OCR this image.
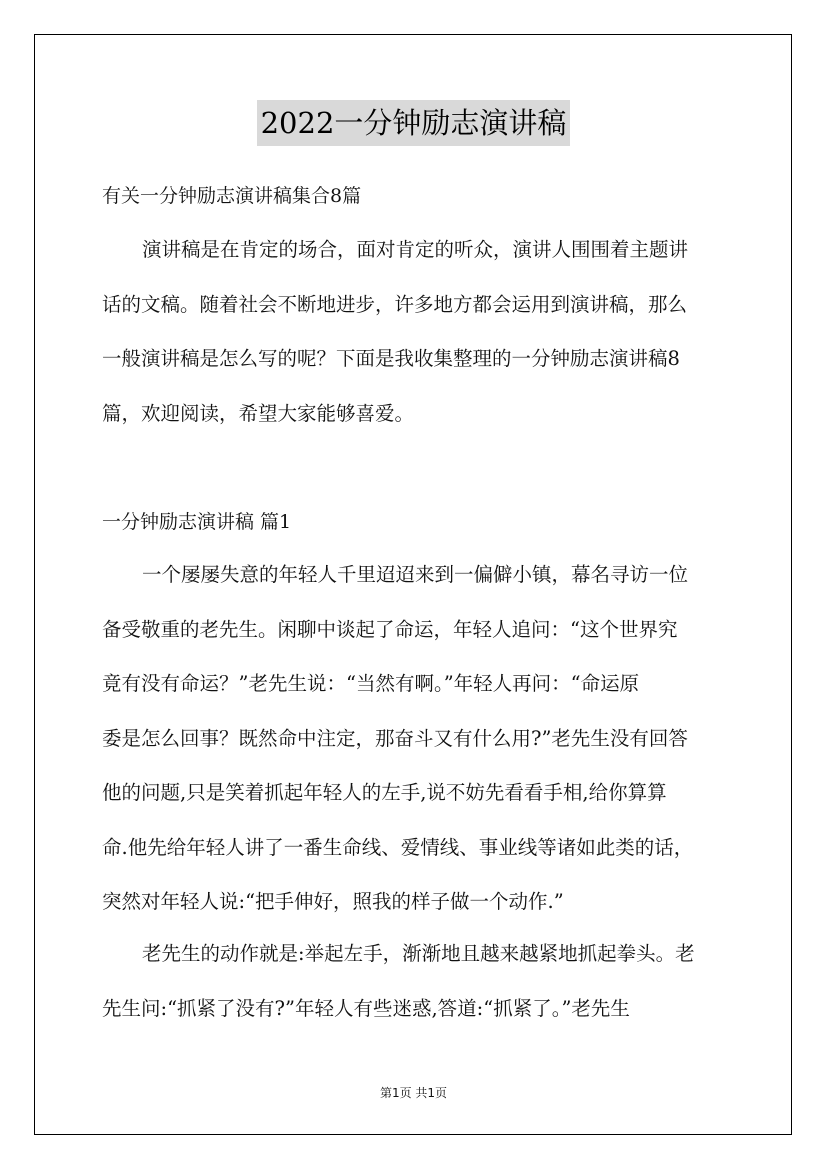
2022一分钟励志演讲稿
有关一分钟励志演讲稿集合8篇
演讲稿是在肯定的场合，面对肯定的听众，演讲人围围着主题讲
话的文稿。随着社会不断地进步，许多地方都会运用到演讲稿，那么
一般演讲稿是怎么写的呢？下面是我收集整理的一分钟励志演讲稿8
篇，欢迎阅读，希望大家能够喜爱。
一分钟励志演讲稿 篇1
一个屡屡失意的年轻人千里迢迢来到一偏僻小镇，幕名寻访一位
备受敬重的老先生。闲聊中谈起了命运，年轻人追问：“这个世界究
竟有没有命运？”老先生说：“当然有啊。”年轻人再问：“命运原
委是怎么回事？既然命中注定，那奋斗又有什么用?”老先生没有回答
他的问题,只是笑着抓起年轻人的左手,说不妨先看看手相,给你算算
命.他先给年轻人讲了一番生命线、爱情线、事业线等诸如此类的话，
突然对年轻人说:“把手伸好，照我的样子做一个动作.”
老先生的动作就是:举起左手，渐渐地且越来越紧地抓起拳头。老
先生问:“抓紧了没有?”年轻人有些迷惑,答道:“抓紧了。”老先生
第1页 共1页
